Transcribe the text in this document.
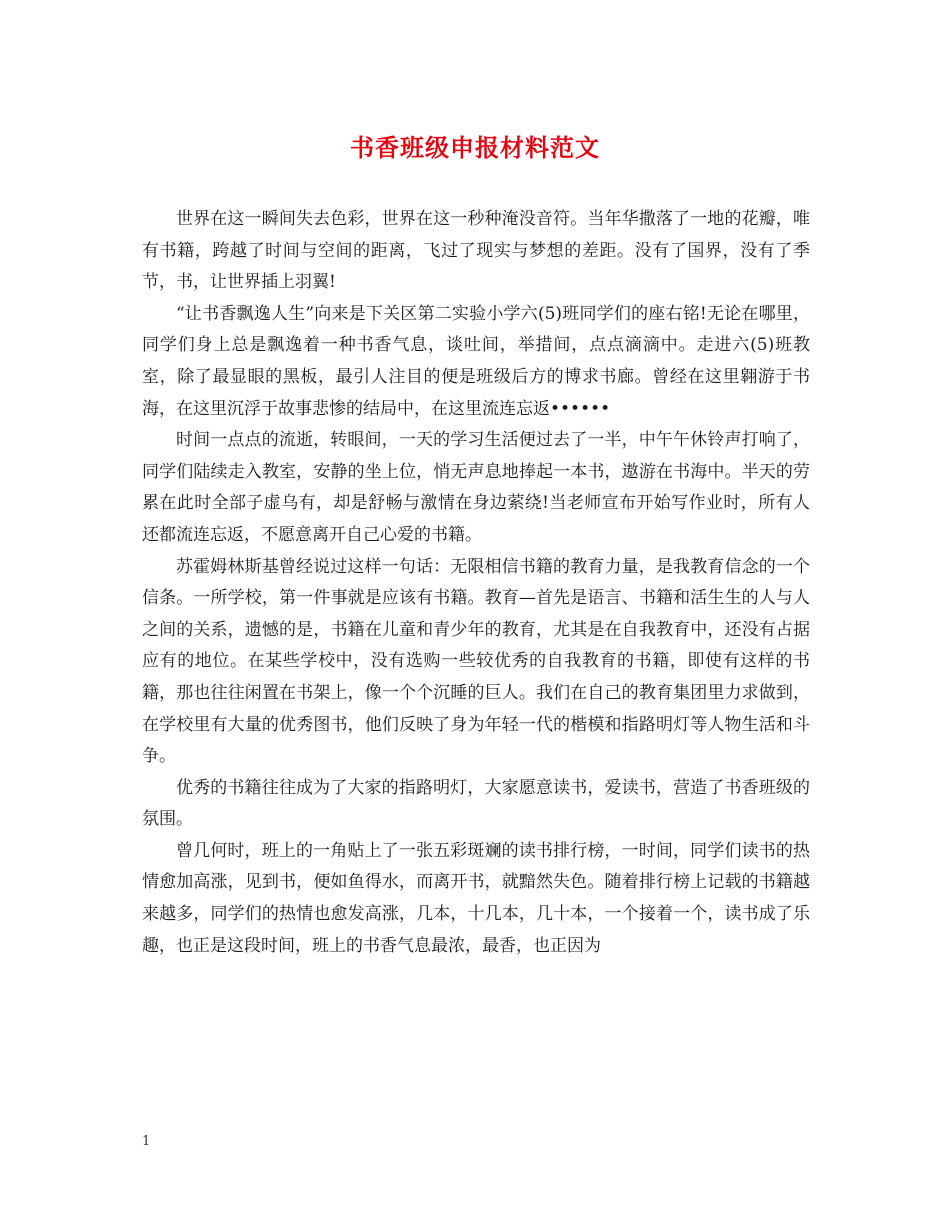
书香班级申报材料范文

世界在这一瞬间失去色彩，世界在这一秒种淹没音符。当年华撒落了一地的花瓣，唯有书籍，跨越了时间与空间的距离，飞过了现实与梦想的差距。没有了国界，没有了季节，书，让世界插上羽翼!

“让书香飘逸人生”向来是下关区第二实验小学六(5)班同学们的座右铭!无论在哪里，同学们身上总是飘逸着一种书香气息，谈吐间，举措间，点点滴滴中。走进六(5)班教室，除了最显眼的黑板，最引人注目的便是班级后方的博求书廊。曾经在这里翱游于书海，在这里沉浮于故事悲惨的结局中，在这里流连忘返••••••

时间一点点的流逝，转眼间，一天的学习生活便过去了一半，中午午休铃声打响了，同学们陆续走入教室，安静的坐上位，悄无声息地捧起一本书，遨游在书海中。半天的劳累在此时全部子虚乌有，却是舒畅与激情在身边萦绕!当老师宣布开始写作业时，所有人还都流连忘返，不愿意离开自己心爱的书籍。

苏霍姆林斯基曾经说过这样一句话：无限相信书籍的教育力量，是我教育信念的一个信条。一所学校，第一件事就是应该有书籍。教育—首先是语言、书籍和活生生的人与人之间的关系，遗憾的是，书籍在儿童和青少年的教育，尤其是在自我教育中，还没有占据应有的地位。在某些学校中，没有选购一些较优秀的自我教育的书籍，即使有这样的书籍，那也往往闲置在书架上，像一个个沉睡的巨人。我们在自己的教育集团里力求做到，在学校里有大量的优秀图书，他们反映了身为年轻一代的楷模和指路明灯等人物生活和斗争。

优秀的书籍往往成为了大家的指路明灯，大家愿意读书，爱读书，营造了书香班级的氛围。

曾几何时，班上的一角贴上了一张五彩斑斓的读书排行榜，一时间，同学们读书的热情愈加高涨，见到书，便如鱼得水，而离开书，就黯然失色。随着排行榜上记载的书籍越来越多，同学们的热情也愈发高涨，几本，十几本，几十本，一个接着一个，读书成了乐趣，也正是这段时间，班上的书香气息最浓，最香，也正因为

1
